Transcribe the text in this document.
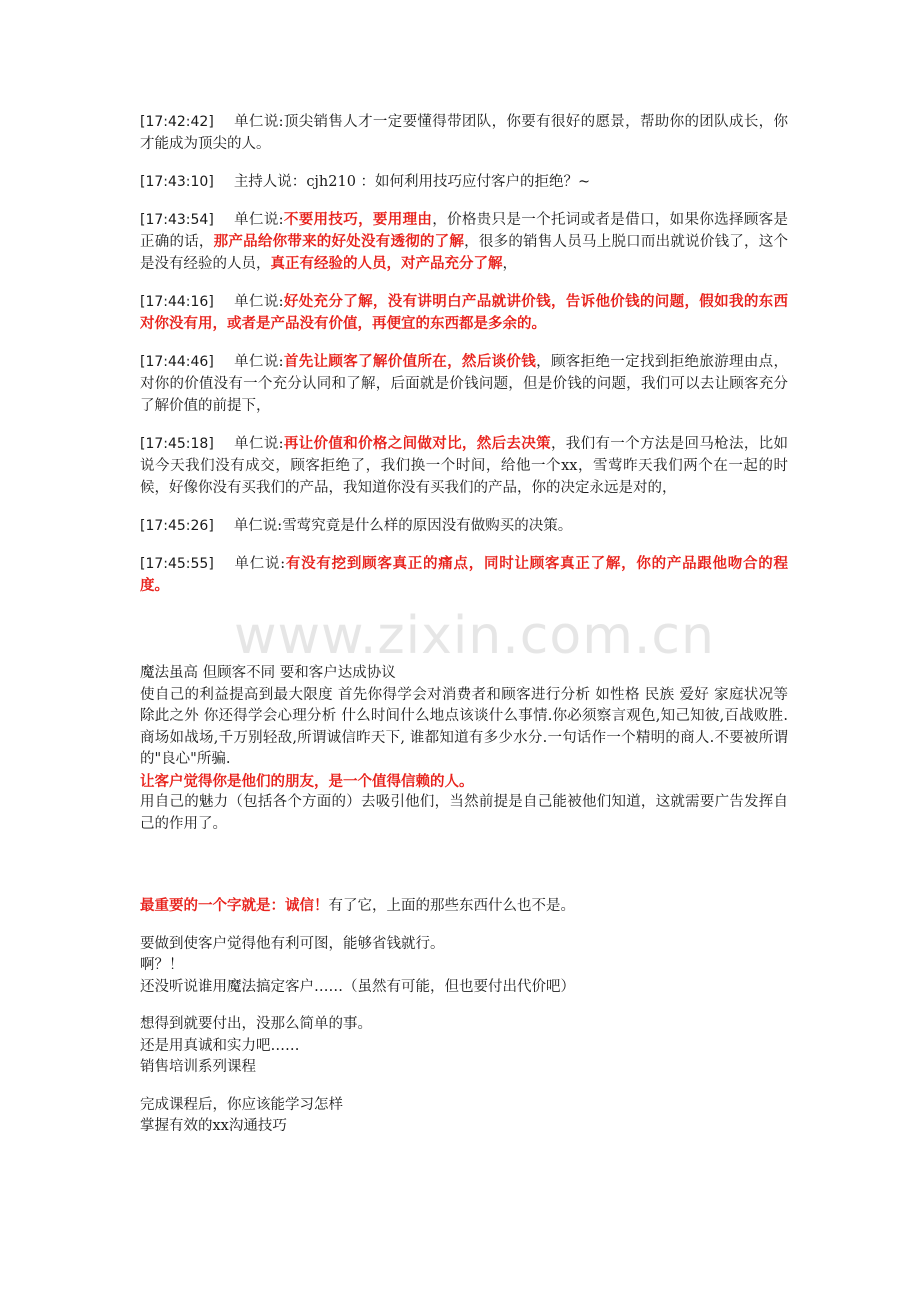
[17:42:42] 单仁说:顶尖销售人才一定要懂得带团队，你要有很好的愿景，帮助你的团队成长，你才能成为顶尖的人。

[17:43:10] 主持人说：cjh210 ：如何利用技巧应付客户的拒绝？~

[17:43:54] 单仁说:不要用技巧，要用理由，价格贵只是一个托词或者是借口，如果你选择顾客是正确的话，那产品给你带来的好处没有透彻的了解，很多的销售人员马上脱口而出就说价钱了，这个是没有经验的人员，真正有经验的人员，对产品充分了解，

[17:44:16] 单仁说:好处充分了解，没有讲明白产品就讲价钱，告诉他价钱的问题，假如我的东西对你没有用，或者是产品没有价值，再便宜的东西都是多余的。

[17:44:46] 单仁说:首先让顾客了解价值所在，然后谈价钱，顾客拒绝一定找到拒绝旅游理由点，对你的价值没有一个充分认同和了解，后面就是价钱问题，但是价钱的问题，我们可以去让顾客充分了解价值的前提下，

[17:45:18] 单仁说:再让价值和价格之间做对比，然后去决策，我们有一个方法是回马枪法，比如说今天我们没有成交，顾客拒绝了，我们换一个时间，给他一个xx，雪莺昨天我们两个在一起的时候，好像你没有买我们的产品，我知道你没有买我们的产品，你的决定永远是对的，

[17:45:26] 单仁说:雪莺究竟是什么样的原因没有做购买的决策。

[17:45:55] 单仁说:有没有挖到顾客真正的痛点，同时让顾客真正了解，你的产品跟他吻合的程度。

魔法虽高 但顾客不同 要和客户达成协议

使自己的利益提高到最大限度 首先你得学会对消费者和顾客进行分析 如性格 民族 爱好 家庭状况等 除此之外 你还得学会心理分析 什么时间什么地点该谈什么事情.你必须察言观色,知己知彼,百战败胜.商场如战场,千万别轻敌,所谓诚信昨天下, 谁都知道有多少水分.一句话作一个精明的商人.不要被所谓的"良心"所骗.

让客户觉得你是他们的朋友，是一个值得信赖的人。

用自己的魅力（包括各个方面的）去吸引他们，当然前提是自己能被他们知道，这就需要广告发挥自己的作用了。

最重要的一个字就是：诚信！有了它，上面的那些东西什么也不是。

要做到使客户觉得他有利可图，能够省钱就行。

啊？！

还没听说谁用魔法搞定客户……（虽然有可能，但也要付出代价吧）

想得到就要付出，没那么简单的事。

还是用真诚和实力吧……

销售培训系列课程

完成课程后，你应该能学习怎样

掌握有效的xx沟通技巧

www.zixin.com.cn
